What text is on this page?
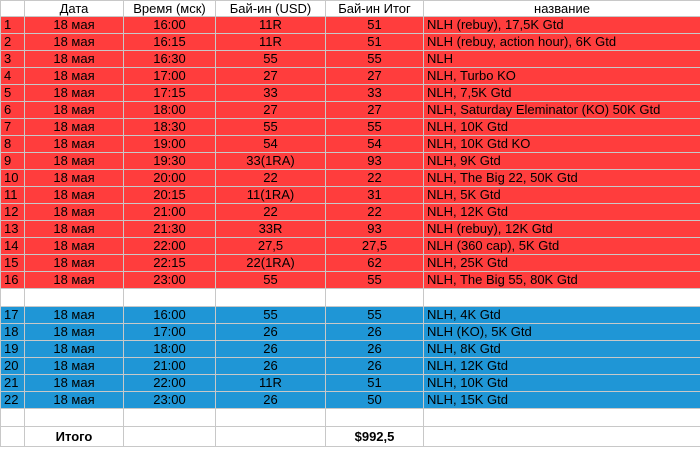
	Дата	Время (мск)	Бай-ин (USD)	Бай-ин Итог	название
1	18 мая	16:00	11R	51	NLH (rebuy), 17,5K Gtd
2	18 мая	16:15	11R	51	NLH (rebuy, action hour), 6K Gtd
3	18 мая	16:30	55	55	NLH
4	18 мая	17:00	27	27	NLH, Turbo KO
5	18 мая	17:15	33	33	NLH, 7,5K Gtd
6	18 мая	18:00	27	27	NLH, Saturday Eleminator (KO) 50K Gtd
7	18 мая	18:30	55	55	NLH, 10K Gtd
8	18 мая	19:00	54	54	NLH, 10K Gtd KO
9	18 мая	19:30	33(1RA)	93	NLH, 9K Gtd
10	18 мая	20:00	22	22	NLH, The Big 22, 50K Gtd
11	18 мая	20:15	11(1RA)	31	NLH, 5K Gtd
12	18 мая	21:00	22	22	NLH, 12K Gtd
13	18 мая	21:30	33R	93	NLH (rebuy), 12K Gtd
14	18 мая	22:00	27,5	27,5	NLH (360 cap), 5K Gtd
15	18 мая	22:15	22(1RA)	62	NLH, 25K Gtd
16	18 мая	23:00	55	55	NLH, The Big 55, 80K Gtd

17	18 мая	16:00	55	55	NLH, 4K Gtd
18	18 мая	17:00	26	26	NLH (KO), 5K Gtd
19	18 мая	18:00	26	26	NLH, 8K Gtd
20	18 мая	21:00	26	26	NLH, 12K Gtd
21	18 мая	22:00	11R	51	NLH, 10K Gtd
22	18 мая	23:00	26	50	NLH, 15K Gtd

	Итого			$992,5	
